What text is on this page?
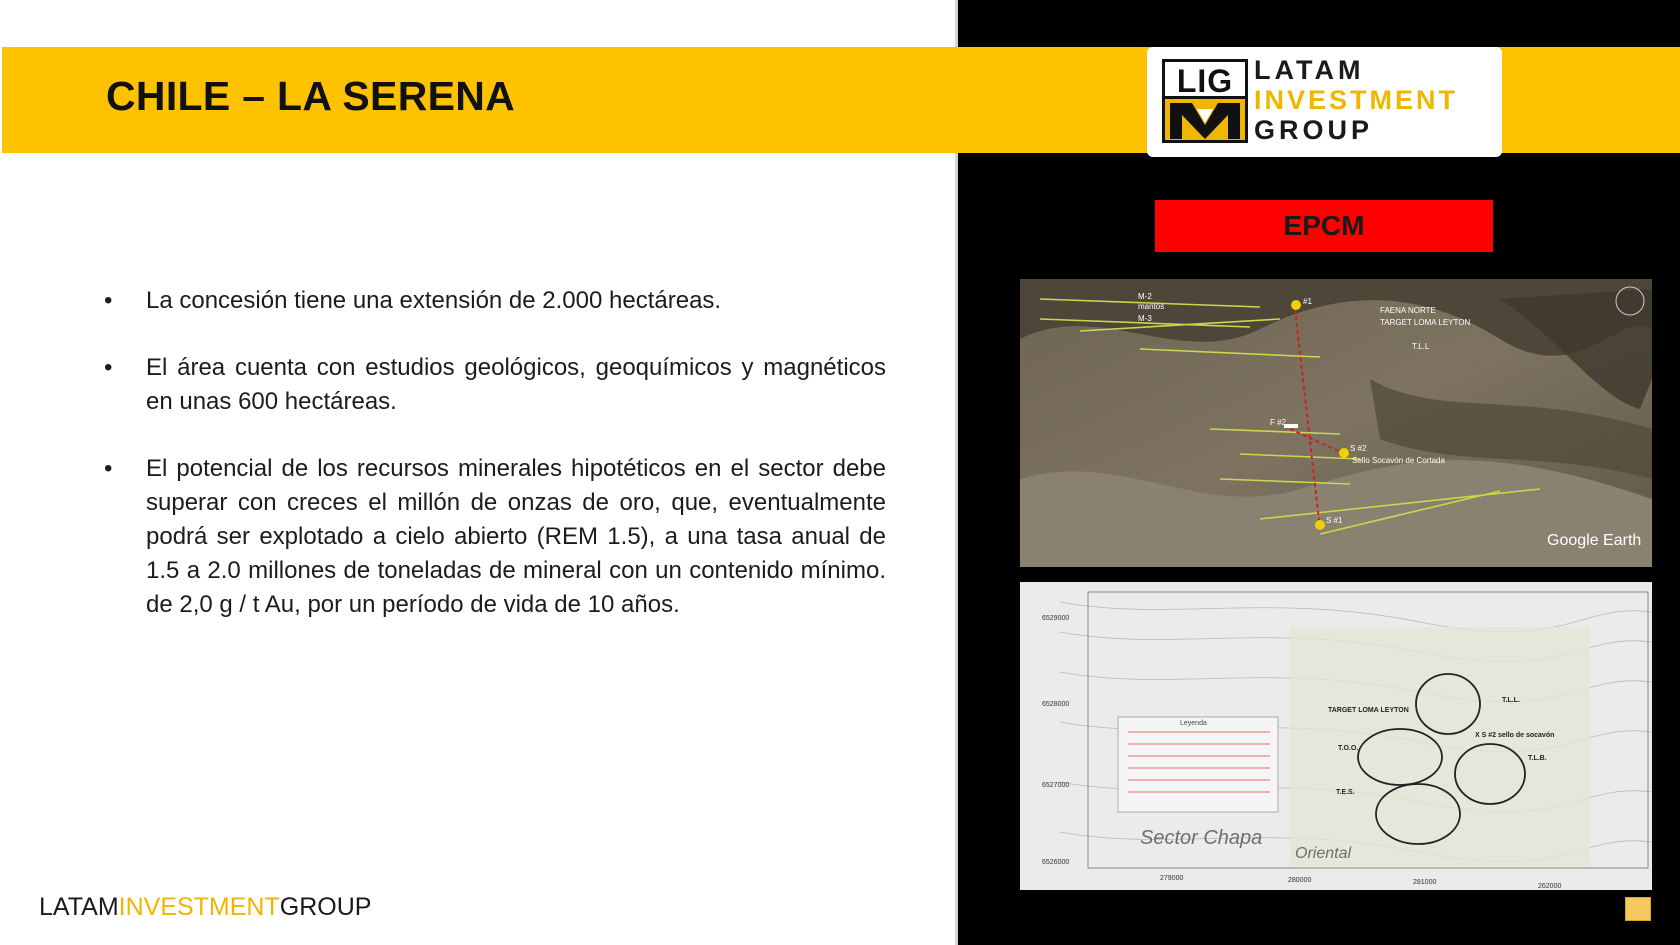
CHILE – LA SERENA	LIG LATAM
INVESTMENT
GROUP
EPCM
M-2
mantos
M-3
#1
FAENA NORTE
TARGET LOMA LEYTON
T.L.L
F #2
S #2
Sello Socavón de Cortada
S #1
Google Earth
TARGET LOMA LEYTON
T.L.L.
X S #2 sello de socavón
T.O.O.
T.L.B.
T.E.S.
Leyenda
Sector Chapa
Oriental
6529000
6528000
6527000
6526000
279000	280000	281000
262000
• La concesión tiene una extensión de 2.000 hectáreas.
• El área cuenta con estudios geológicos, geoquímicos y magnéticos en unas 600 hectáreas.
• El potencial de los recursos minerales hipotéticos en el sector debe superar con creces el millón de onzas de oro, que, eventualmente podrá ser explotado a cielo abierto (REM 1.5), a una tasa anual de 1.5 a 2.0 millones de toneladas de mineral con un contenido mínimo. de 2,0 g / t Au, por un período de vida de 10 años.
LATAMINVESTMENTGROUP
